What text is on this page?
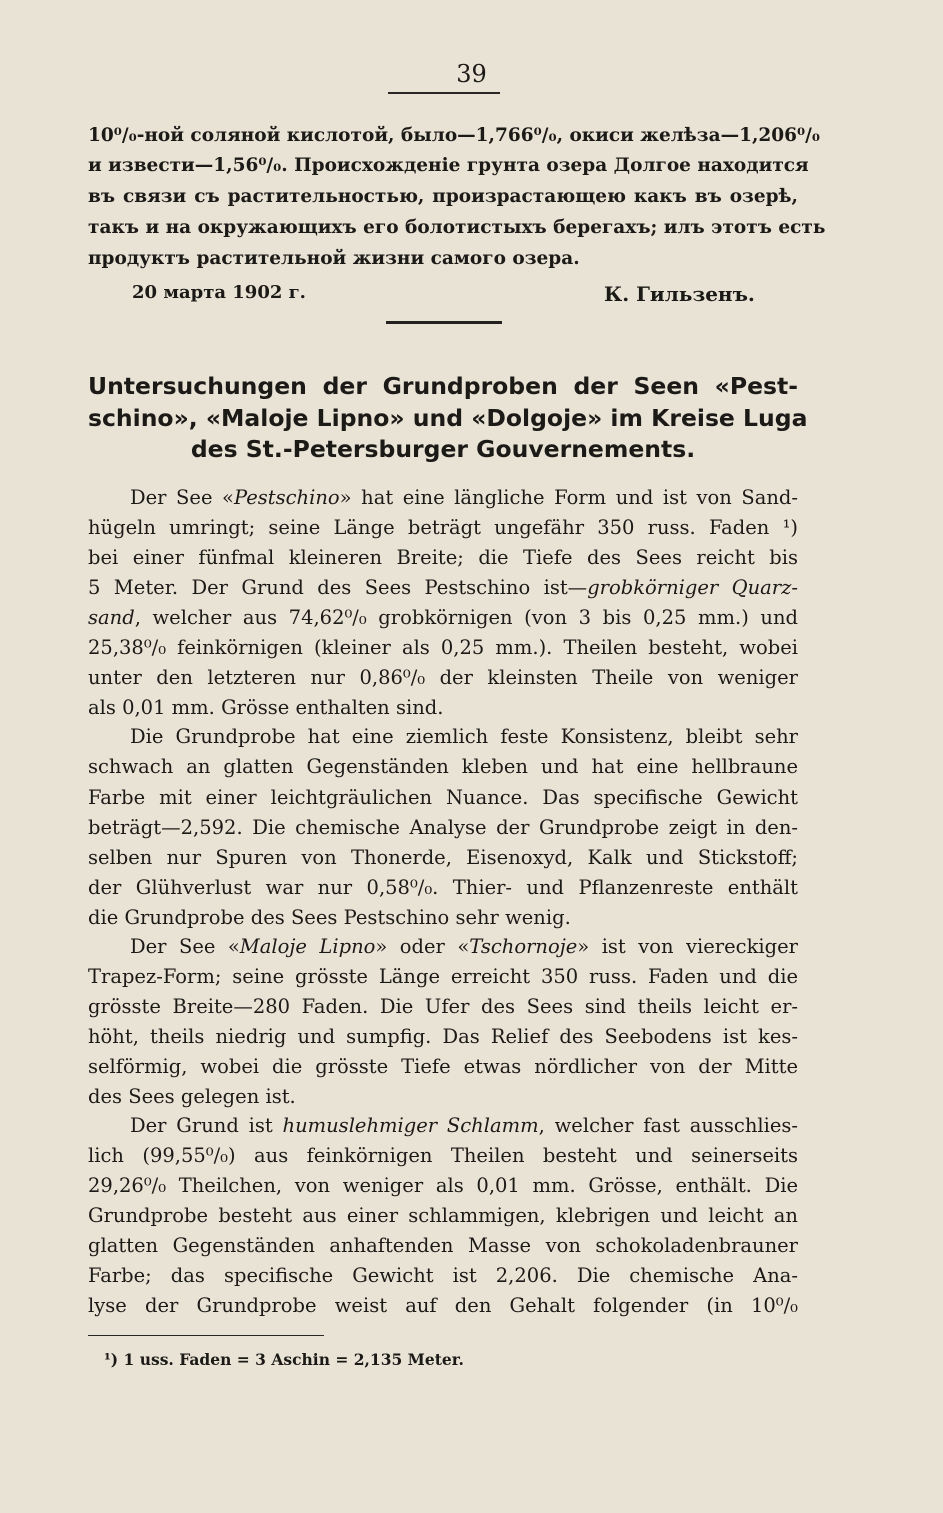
39
10⁰/₀-ной соляной кислотой, было—1,766⁰/₀, окиси желѣза—1,206⁰/₀
и извести—1,56⁰/₀. Происхожденіе грунта озера Долгое находится
въ связи съ растительностью, произрастающею какъ въ озерѣ,
такъ и на окружающихъ его болотистыхъ берегахъ; илъ этотъ есть
продуктъ растительной жизни самого озера.
20 марта 1902 г.	К. Гильзенъ.
Untersuchungen der Grundproben der Seen «Pest-
schino», «Maloje Lipno» und «Dolgoje» im Kreise Luga
des St.-Petersburger Gouvernements.
Der See «Pestschino» hat eine längliche Form und ist von Sand-
hügeln umringt; seine Länge beträgt ungefähr 350 russ. Faden ¹)
bei einer fünfmal kleineren Breite; die Tiefe des Sees reicht bis
5 Meter. Der Grund des Sees Pestschino ist—grobkörniger Quarz-
sand, welcher aus 74,62⁰/₀ grobkörnigen (von 3 bis 0,25 mm.) und
25,38⁰/₀ feinkörnigen (kleiner als 0,25 mm.). Theilen besteht, wobei
unter den letzteren nur 0,86⁰/₀ der kleinsten Theile von weniger
als 0,01 mm. Grösse enthalten sind.
Die Grundprobe hat eine ziemlich feste Konsistenz, bleibt sehr
schwach an glatten Gegenständen kleben und hat eine hellbraune
Farbe mit einer leichtgräulichen Nuance. Das specifische Gewicht
beträgt—2,592. Die chemische Analyse der Grundprobe zeigt in den-
selben nur Spuren von Thonerde, Eisenoxyd, Kalk und Stickstoff;
der Glühverlust war nur 0,58⁰/₀. Thier- und Pflanzenreste enthält
die Grundprobe des Sees Pestschino sehr wenig.
Der See «Maloje Lipno» oder «Tschornoje» ist von viereckiger
Trapez-Form; seine grösste Länge erreicht 350 russ. Faden und die
grösste Breite—280 Faden. Die Ufer des Sees sind theils leicht er-
höht, theils niedrig und sumpfig. Das Relief des Seebodens ist kes-
selförmig, wobei die grösste Tiefe etwas nördlicher von der Mitte
des Sees gelegen ist.
Der Grund ist humuslehmiger Schlamm, welcher fast ausschlies-
lich (99,55⁰/₀) aus feinkörnigen Theilen besteht und seinerseits
29,26⁰/₀ Theilchen, von weniger als 0,01 mm. Grösse, enthält. Die
Grundprobe besteht aus einer schlammigen, klebrigen und leicht an
glatten Gegenständen anhaftenden Masse von schokoladenbrauner
Farbe; das specifische Gewicht ist 2,206. Die chemische Ana-
lyse der Grundprobe weist auf den Gehalt folgender (in 10⁰/₀
¹) 1 uss. Faden = 3 Aschin = 2,135 Meter.
